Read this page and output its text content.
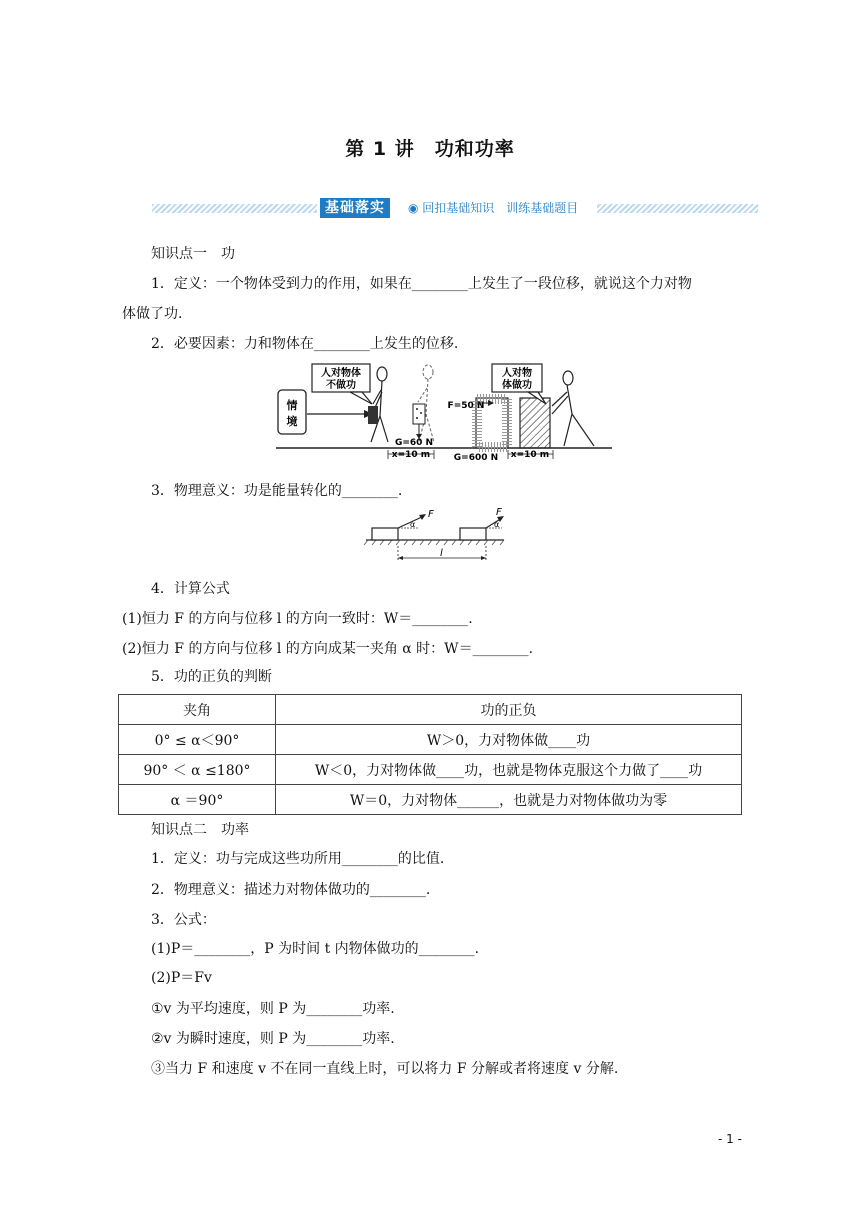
第 1 讲　功和功率
基础落实	◉ 回扣基础知识　训练基础题目
知识点一　功
1．定义：一个物体受到力的作用，如果在________上发生了一段位移，就说这个力对物
体做了功.
2．必要因素：力和物体在________上发生的位移.
情
境
人对物体
不做功
G=60 N
x=10 m
F=50 N
G=600 N x=10 m
人对物
体做功
3．物理意义：功是能量转化的________.
F
α
F
α
l
4．计算公式
(1)恒力 F 的方向与位移 l 的方向一致时：W＝________.
(2)恒力 F 的方向与位移 l 的方向成某一夹角 α 时：W＝________.
5．功的正负的判断
夹角	功的正负
0° ≤ α＜90°	W＞0，力对物体做____功
90° ＜ α ≤180°	W＜0，力对物体做____功，也就是物体克服这个力做了____功
α ＝90°	W＝0，力对物体______，也就是力对物体做功为零
知识点二　功率
1．定义：功与完成这些功所用________的比值.
2．物理意义：描述力对物体做功的________.
3．公式：
(1)P＝________，P 为时间 t 内物体做功的________.
(2)P＝Fv
①v 为平均速度，则 P 为________功率.
②v 为瞬时速度，则 P 为________功率.
③当力 F 和速度 v 不在同一直线上时，可以将力 F 分解或者将速度 v 分解.
- 1 -
